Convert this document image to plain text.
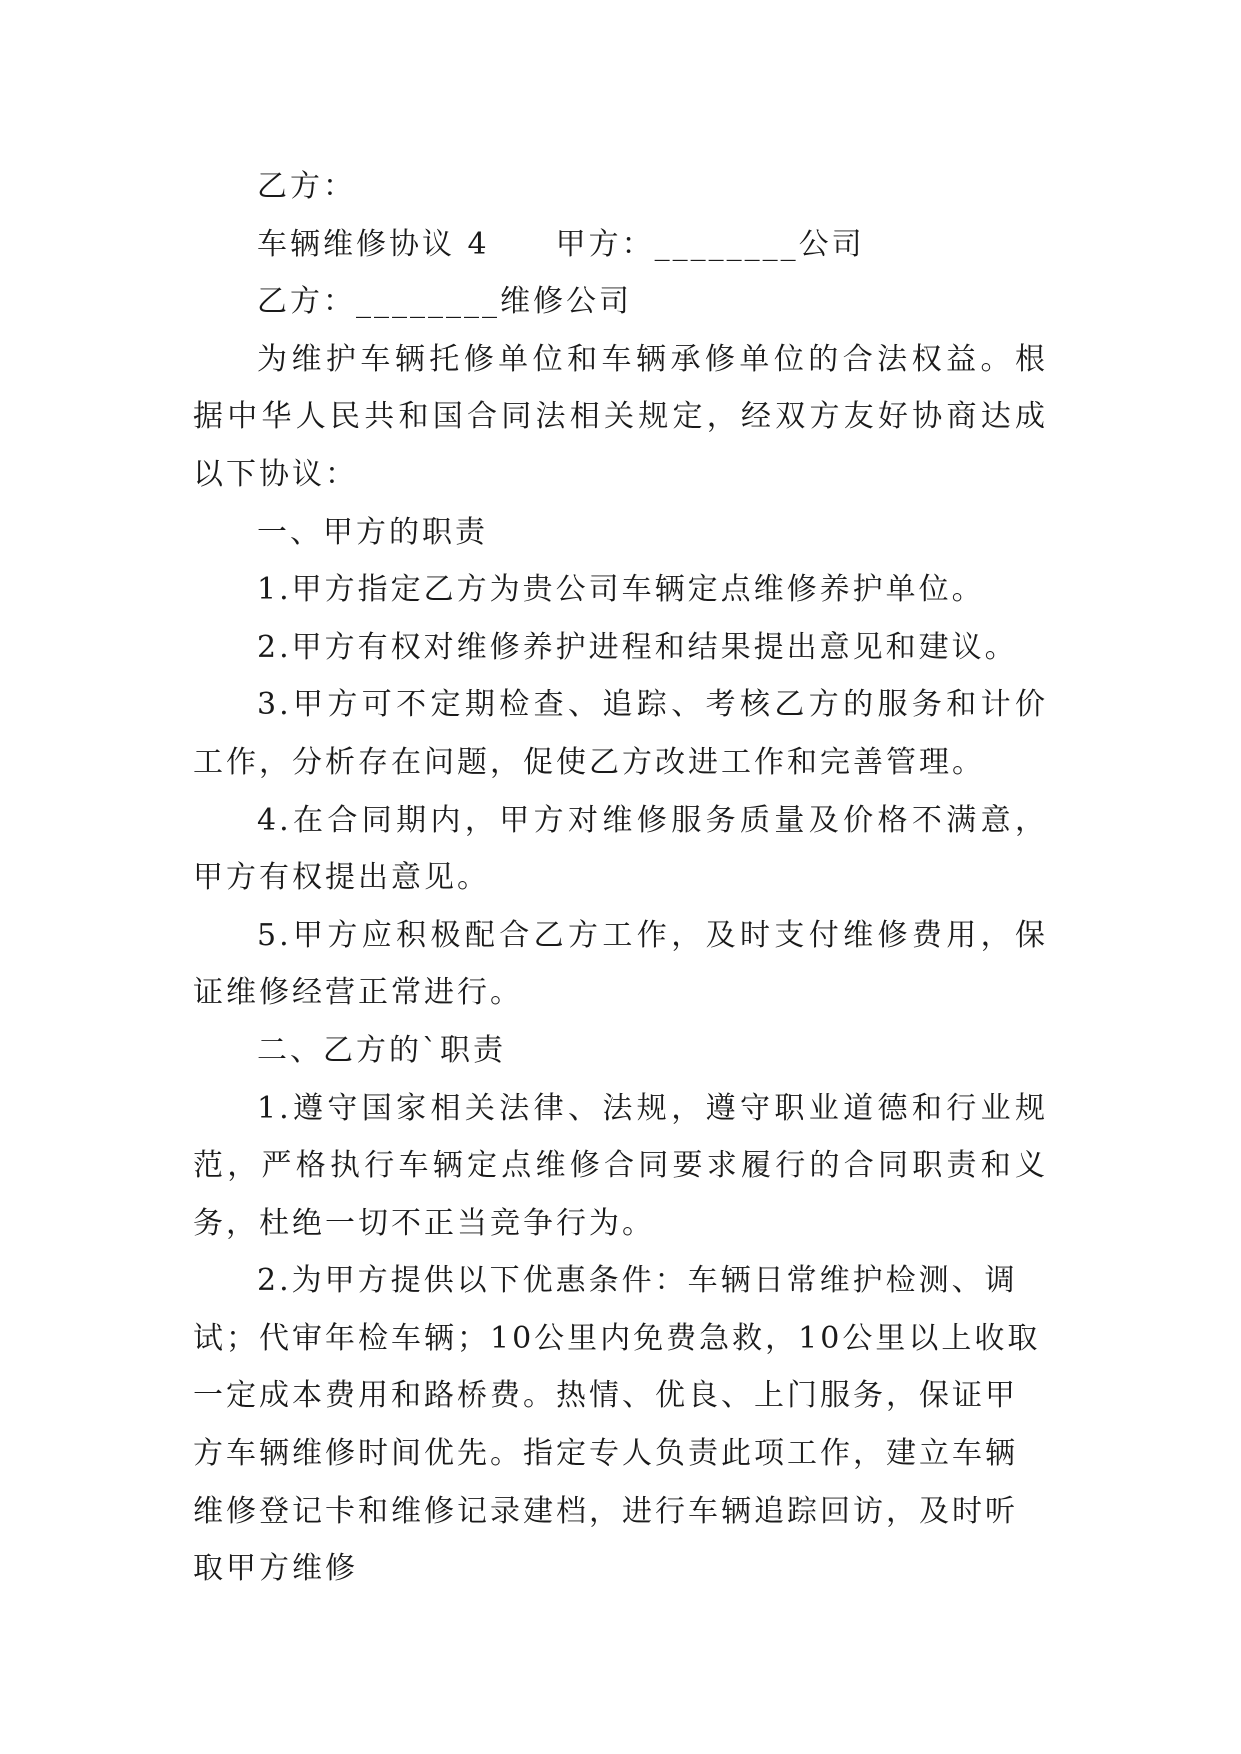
乙方：

车辆维修协议 4　　甲方：________公司

乙方：________维修公司

为维护车辆托修单位和车辆承修单位的合法权益。根据中华人民共和国合同法相关规定，经双方友好协商达成以下协议：

一、甲方的职责

1.甲方指定乙方为贵公司车辆定点维修养护单位。

2.甲方有权对维修养护进程和结果提出意见和建议。

3.甲方可不定期检查、追踪、考核乙方的服务和计价工作，分析存在问题，促使乙方改进工作和完善管理。

4.在合同期内，甲方对维修服务质量及价格不满意，甲方有权提出意见。

5.甲方应积极配合乙方工作，及时支付维修费用，保证维修经营正常进行。

二、乙方的`职责

1.遵守国家相关法律、法规，遵守职业道德和行业规范，严格执行车辆定点维修合同要求履行的合同职责和义务，杜绝一切不正当竞争行为。

2.为甲方提供以下优惠条件：车辆日常维护检测、调试；代审年检车辆；10公里内免费急救，10公里以上收取一定成本费用和路桥费。热情、优良、上门服务，保证甲方车辆维修时间优先。指定专人负责此项工作，建立车辆维修登记卡和维修记录建档，进行车辆追踪回访，及时听取甲方维修
